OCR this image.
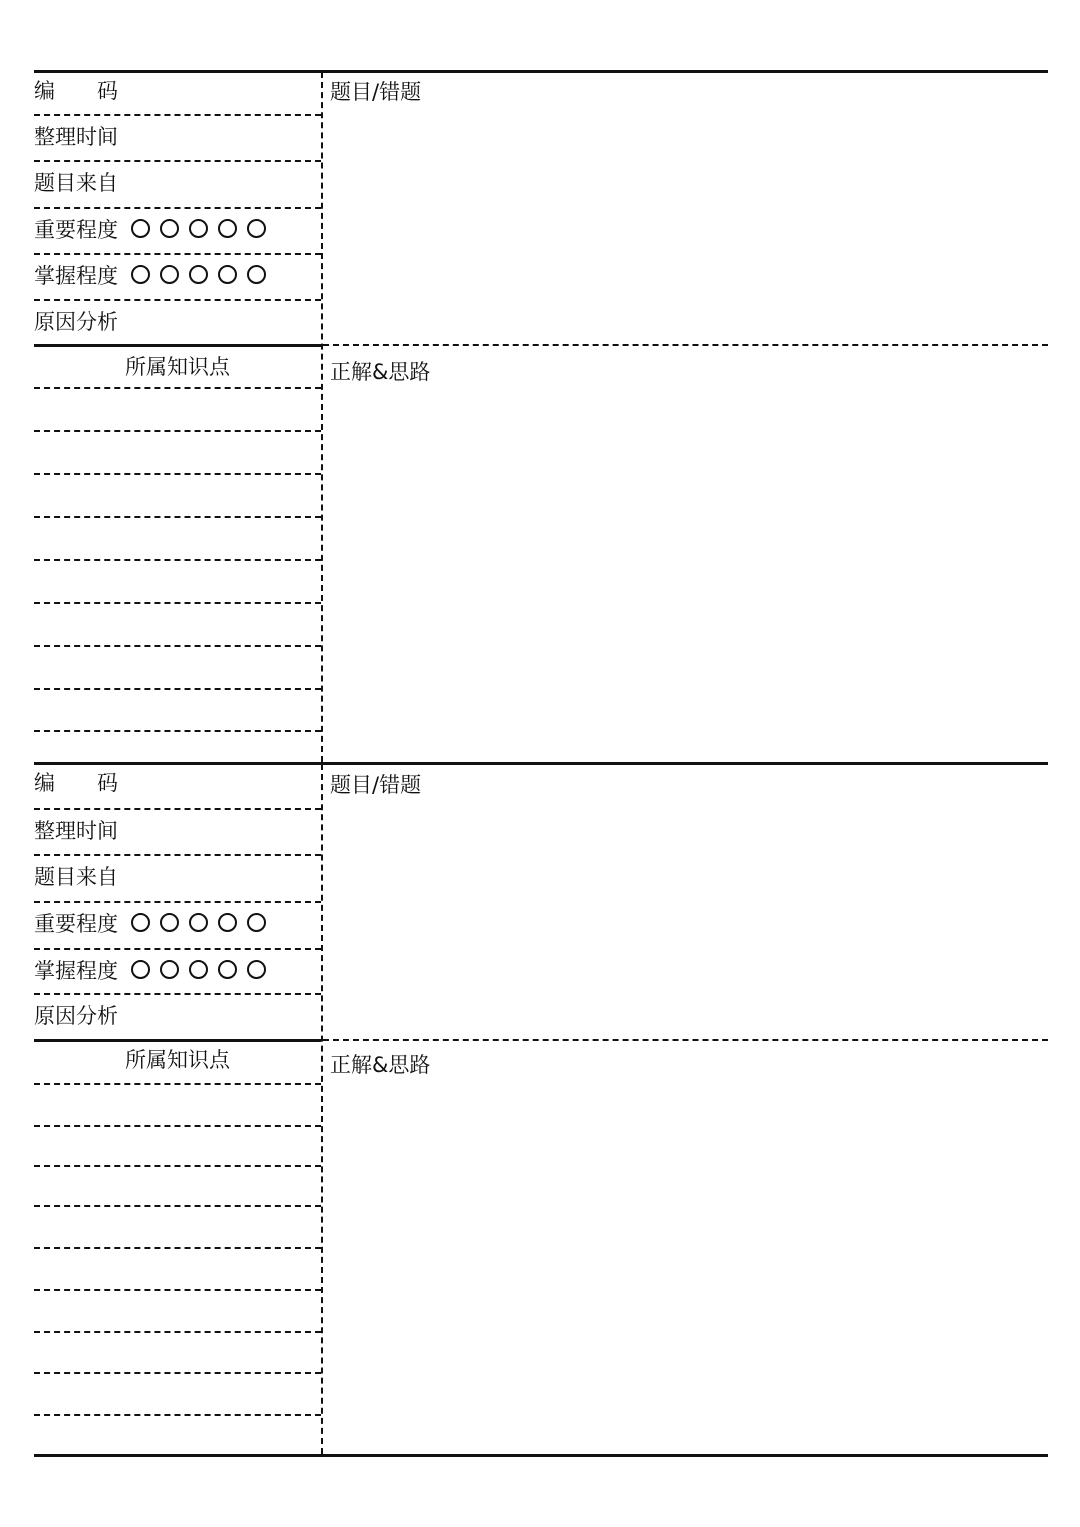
编　　码
整理时间
题目来自
重要程度
掌握程度
原因分析
所属知识点
题目/错题
正解&思路
编　　码
整理时间
题目来自
重要程度
掌握程度
原因分析
所属知识点
题目/错题
正解&思路
